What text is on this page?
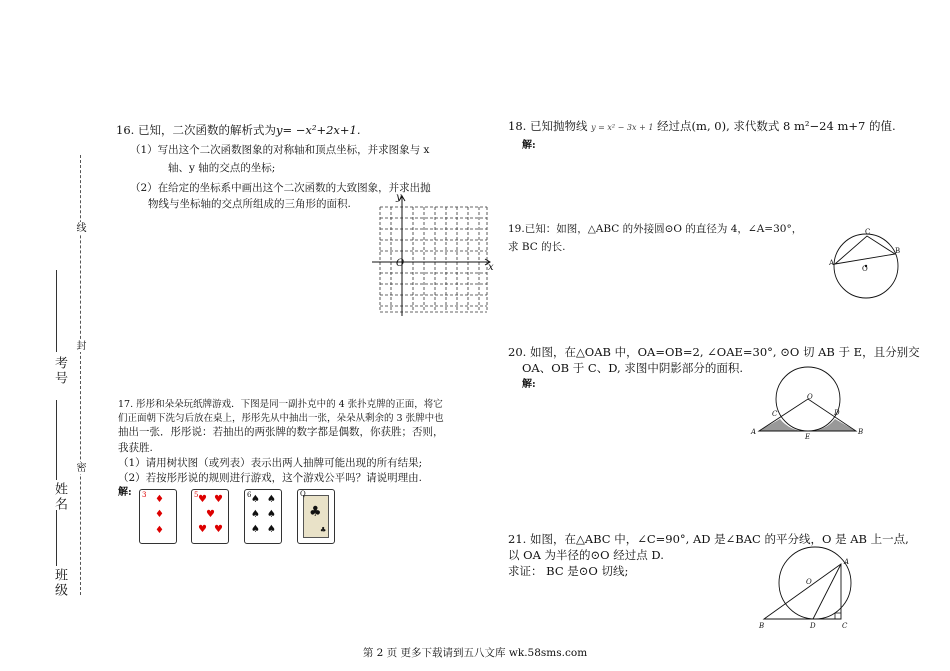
线
封
密
考号
姓名
班级
16. 已知，二次函数的解析式为y= −x²+2x+1.
（1）写出这个二次函数图象的对称轴和顶点坐标，并求图象与 x
轴、y 轴的交点的坐标;
（2）在给定的坐标系中画出这个二次函数的大致图象，并求出抛
物线与坐标轴的交点所组成的三角形的面积.
y
x
O
17. 彤彤和朵朵玩纸牌游戏．下图是同一副扑克中的 4 张扑克牌的正面，将它
们正面朝下洗匀后放在桌上，彤彤先从中抽出一张，朵朵从剩余的 3 张牌中也
抽出一张．彤彤说：若抽出的两张牌的数字都是偶数，你获胜；否则，
我获胜.
（1）请用树状图（或列表）表示出两人抽牌可能出现的所有结果;
（2）若按彤彤说的规则进行游戏，这个游戏公平吗？请说明理由.
解: 3 ♦
♦
♦
5 ♥ ♥
♥
♥ ♥
6 ♠ ♠
♠ ♠
♠ ♠
Q
♣
♣
18. 已知抛物线 y = x² − 3x + 1 经过点(m, 0), 求代数式 8 m²−24 m+7 的值.
解:
19.已知：如图，△ABC 的外接圆⊙O 的直径为 4，∠A=30°，
求 BC 的长.
A
B
C
O
20. 如图，在△OAB 中，OA=OB=2, ∠OAE=30°, ⊙O 切 AB 于 E，且分别交
OA、OB 于 C、D, 求图中阴影部分的面积.
解:
A	B
C	D
E
O
21. 如图，在△ABC 中，∠C=90°, AD 是∠BAC 的平分线，O 是 AB 上一点,
以 OA 为半径的⊙O 经过点 D.
求证： BC 是⊙O 切线;
A
B	C
D
O
第 2 页 更多下载请到五八文库 wk.58sms.com
